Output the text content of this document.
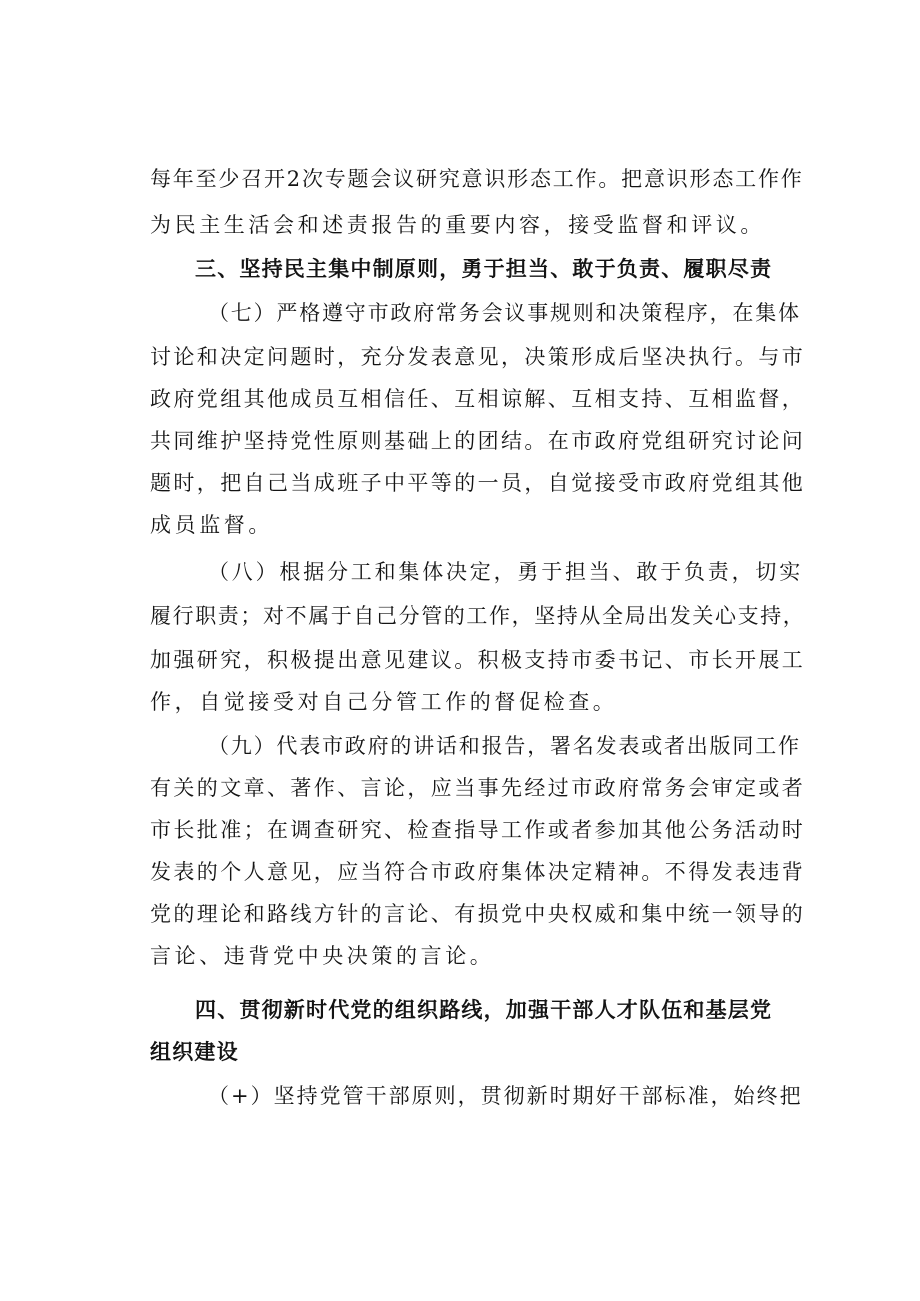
每年至少召开2次专题会议研究意识形态工作。把意识形态工作作
为民主生活会和述责报告的重要内容，接受监督和评议。
三、坚持民主集中制原则，勇于担当、敢于负责、履职尽责
（七）严格遵守市政府常务会议事规则和决策程序，在集体
讨论和决定问题时，充分发表意见，决策形成后坚决执行。与市
政府党组其他成员互相信任、互相谅解、互相支持、互相监督，
共同维护坚持党性原则基础上的团结。在市政府党组研究讨论问
题时，把自己当成班子中平等的一员，自觉接受市政府党组其他
成员监督。
（八）根据分工和集体决定，勇于担当、敢于负责，切实
履行职责；对不属于自己分管的工作，坚持从全局出发关心支持，
加强研究，积极提出意见建议。积极支持市委书记、市长开展工
作，自觉接受对自己分管工作的督促检查。
（九）代表市政府的讲话和报告，署名发表或者出版同工作
有关的文章、著作、言论，应当事先经过市政府常务会审定或者
市长批准；在调查研究、检查指导工作或者参加其他公务活动时
发表的个人意见，应当符合市政府集体决定精神。不得发表违背
党的理论和路线方针的言论、有损党中央权威和集中统一领导的
言论、违背党中央决策的言论。
四、贯彻新时代党的组织路线，加强干部人才队伍和基层党
组织建设
（+）坚持党管干部原则，贯彻新时期好干部标准，始终把
